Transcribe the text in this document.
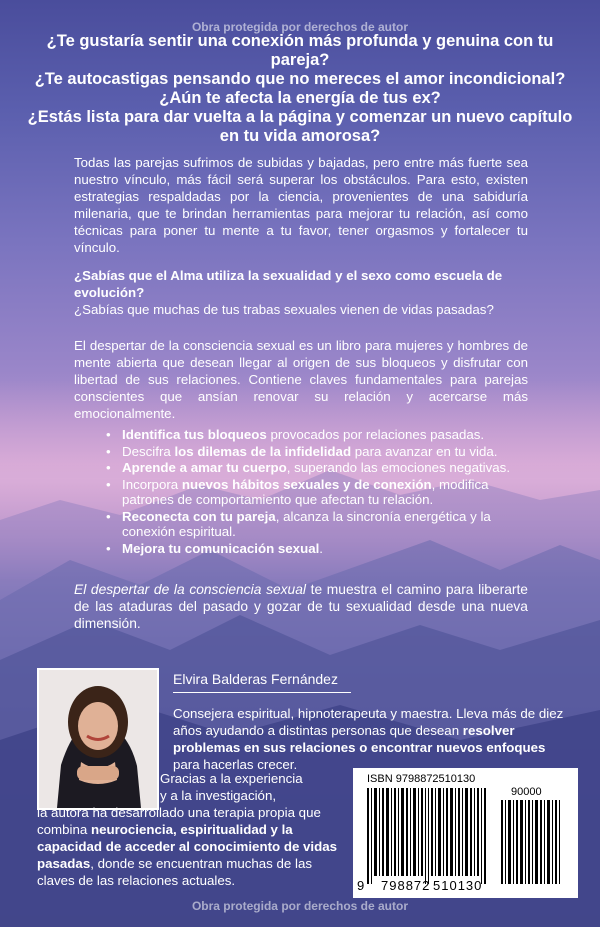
Obra protegida por derechos de autor

¿Te gustaría sentir una conexión más profunda y genuina con tu pareja?

¿Te autocastigas pensando que no mereces el amor incondicional?

¿Aún te afecta la energía de tus ex?

¿Estás lista para dar vuelta a la página y comenzar un nuevo capítulo en tu vida amorosa?

Todas las parejas sufrimos de subidas y bajadas, pero entre más fuerte sea nuestro vínculo, más fácil será superar los obstáculos. Para esto, existen estrategias respaldadas por la ciencia, provenientes de una sabiduría milenaria, que te brindan herramientas para mejorar tu relación, así como técnicas para poner tu mente a tu favor, tener orgasmos y fortalecer tu vínculo.

¿Sabías que el Alma utiliza la sexualidad y el sexo como escuela de evolución?

¿Sabías que muchas de tus trabas sexuales vienen de vidas pasadas?

El despertar de la consciencia sexual es un libro para mujeres y hombres de mente abierta que desean llegar al origen de sus bloqueos y disfrutar con libertad de sus relaciones. Contiene claves fundamentales para parejas conscientes que ansían renovar su relación y acercarse más emocionalmente.

• Identifica tus bloqueos provocados por relaciones pasadas.
• Descifra los dilemas de la infidelidad para avanzar en tu vida.
• Aprende a amar tu cuerpo, superando las emociones negativas.
• Incorpora nuevos hábitos sexuales y de conexión, modifica patrones de comportamiento que afectan tu relación.
• Reconecta con tu pareja, alcanza la sincronía energética y la conexión espiritual.
• Mejora tu comunicación sexual.

El despertar de la consciencia sexual te muestra el camino para liberarte de las ataduras del pasado y gozar de tu sexualidad desde una nueva dimensión.

Elvira Balderas Fernández

Consejera espiritual, hipnoterapeuta y maestra. Lleva más de diez años ayudando a distintas personas que desean resolver problemas en sus relaciones o encontrar nuevos enfoques para hacerlas crecer.

Gracias a la experiencia
y a la investigación,
la autora ha desarrollado una terapia propia que combina neurociencia, espiritualidad y la capacidad de acceder al conocimiento de vidas pasadas, donde se encuentran muchas de las claves de las relaciones actuales.

ISBN 9798872510130
90000
9 798872 510130
Obra protegida por derechos de autor
